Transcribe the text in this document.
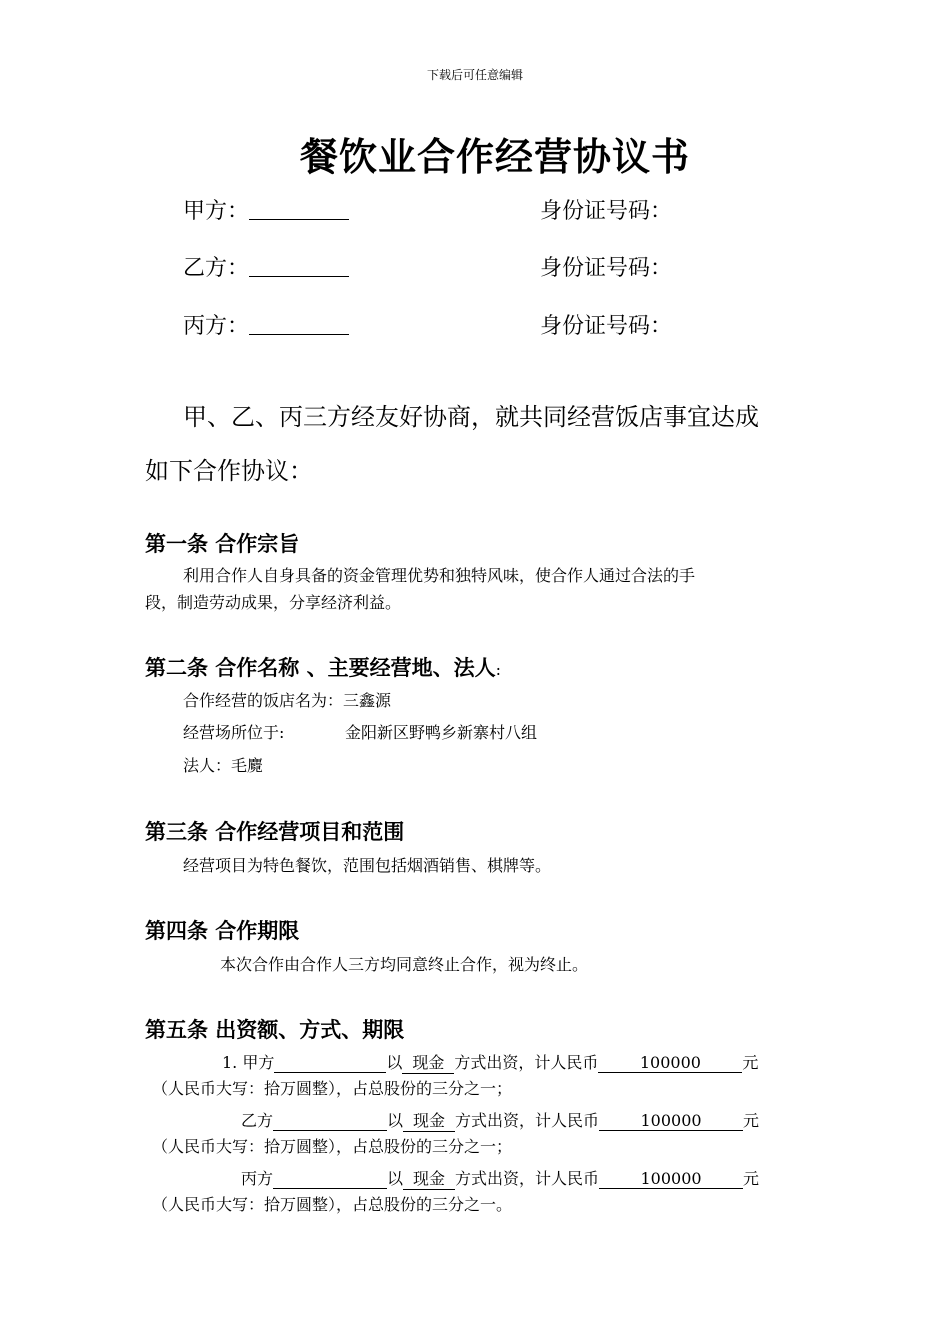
下载后可任意编辑
餐饮业合作经营协议书
甲方：	身份证号码：
乙方：	身份证号码：
丙方：	身份证号码：
甲、乙、丙三方经友好协商，就共同经营饭店事宜达成
如下合作协议：
第一条 合作宗旨
利用合作人自身具备的资金管理优势和独特风味，使合作人通过合法的手
段，制造劳动成果，分享经济利益。
第二条 合作名称 、主要经营地、法人:
合作经营的饭店名为：三鑫源
经营场所位于:	金阳新区野鸭乡新寨村八组
法人：毛麑
第三条 合作经营项目和范围
经营项目为特色餐饮，范围包括烟酒销售、棋牌等。
第四条 合作期限
本次合作由合作人三方均同意终止合作，视为终止。
第五条 出资额、方式、期限
1. 甲方	以 现金 方式出资，计人民币	100000	元
（人民币大写：拾万圆整），占总股份的三分之一；
乙方	以 现金 方式出资，计人民币	100000	元
（人民币大写：拾万圆整），占总股份的三分之一；
丙方	以 现金 方式出资，计人民币	100000	元
（人民币大写：拾万圆整），占总股份的三分之一。
